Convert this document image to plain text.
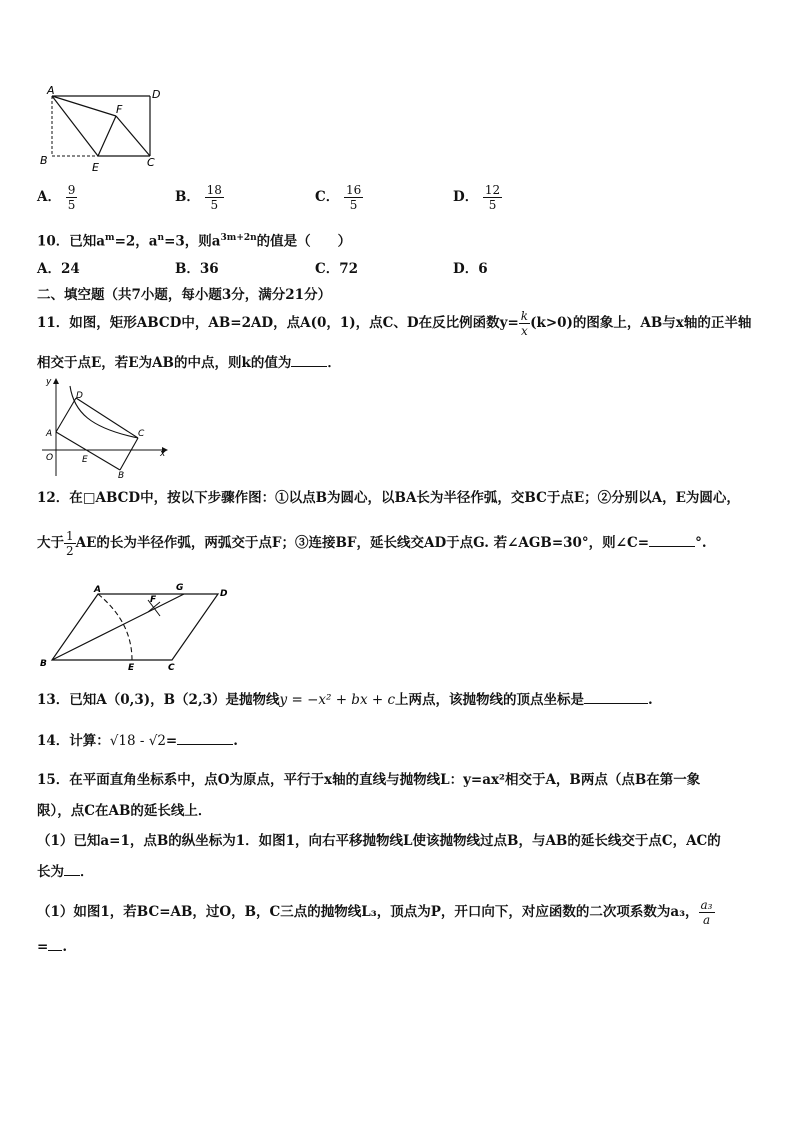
A	D
B	C
E
F
A． $\frac{9}{5}$	B． $\frac{18}{5}$	C． $\frac{16}{5}$	D． $\frac{12}{5}$
10．已知$a^m=2$，$a^n=3$，则$a^{3m+2n}$的值是（　　）
A．24	B．36	C．72	D．6
二、填空题（共7小题，每小题3分，满分21分）
11．如图，矩形ABCD中，AB=2AD，点A(0，1)，点C、D在反比例函数$y= \frac{k}{x} (k>0)$的图象上，AB与x轴的正半轴
相交于点E，若E为AB的中点，则k的值为	．
y
x
O
A
D
C
E
B
12．在□ABCD中，按以下步骤作图：①以点B为圆心，以BA长为半径作弧，交BC于点E；②分别以A，E为圆心，
大于 $\frac{1}{2}$ AE的长为半径作弧，两弧交于点F；③连接BF，延长线交AD于点G. 若∠AGB=30°，则∠C=	°.
A	G
D
F
B	E	C
13．已知A（0,3)，B（2,3）是抛物线y = −x² + bx + c上两点，该抛物线的顶点坐标是	.
14．计算：√18 - √2=	.
15．在平面直角坐标系中，点O为原点，平行于x轴的直线与抛物线L：y=ax²相交于A，B两点（点B在第一象
限），点C在AB的延长线上．
（1）已知a=1，点B的纵坐标为1．如图1，向右平移抛物线L使该抛物线过点B，与AB的延长线交于点C，AC的
长为 ．
（1）如图1，若BC=AB，过O，B，C三点的抛物线L₃，顶点为P，开口向下，对应函数的二次项系数为a₃， $\frac{\text{a₃}}{a}$
= .
